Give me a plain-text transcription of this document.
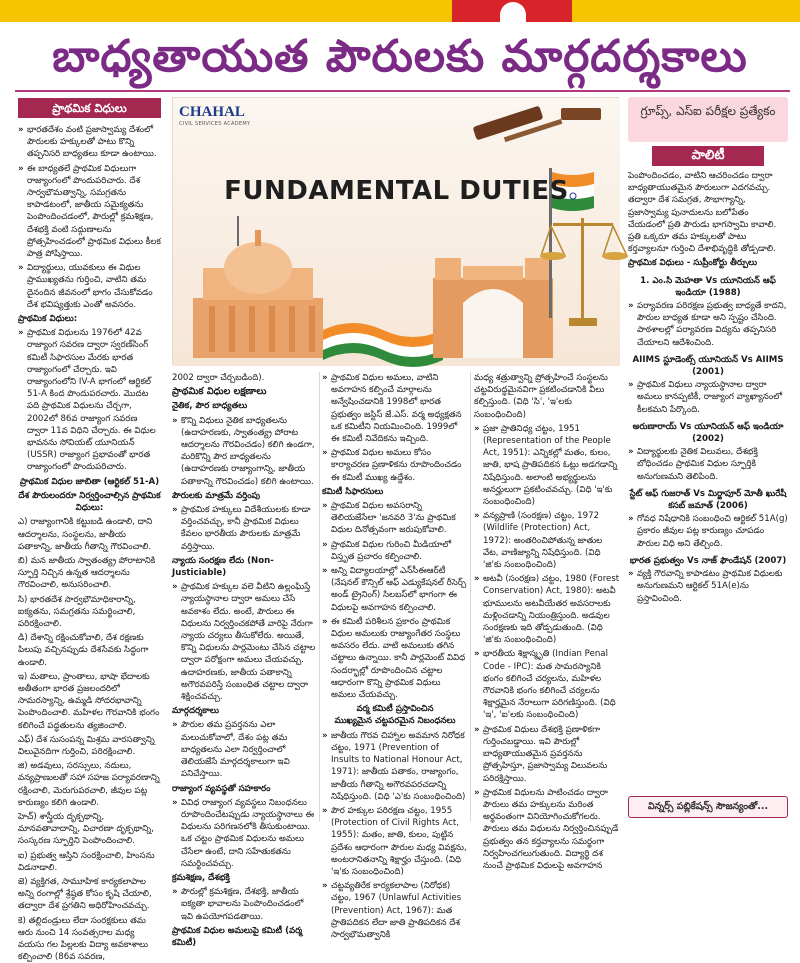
బాధ్యతాయుత పౌరులకు మార్గదర్శకాలు
ప్రాథమిక విధులు

» భారతదేశం వంటి ప్రజాస్వామ్య దేశంలో పౌరులకు హక్కులతో పాటు కొన్ని తప్పనిసరి బాధ్యతలు కూడా ఉంటాయి.

» ఈ బాధ్యతలే ప్రాథమిక విధులుగా రాజ్యాంగంలో పొందుపరిచారు. దేశ సార్వభౌమత్వాన్ని, సమగ్రతను కాపాడటంలో, జాతీయ సమైక్యతను పెంపొందించడంలో, పౌరుల్లో క్రమశిక్షణ, దేశభక్తి వంటి సద్గుణాలను ప్రోత్సహించడంలో ప్రాథమిక విధులు కీలక పాత్ర పోషిస్తాయి.

» విద్యార్థులు, యువకులు ఈ విధుల ప్రాముఖ్యతను గుర్తించి, వాటిని తమ దైనందిన జీవనంలో భాగం చేసుకోవడం దేశ భవిష్యత్తుకు ఎంతో అవసరం.

ప్రాథమిక విధులు:

» ప్రాథమిక విధులను 1976లో 42వ రాజ్యాంగ సవరణ ద్వారా స్వరణ్‌సింగ్ కమిటీ సిఫారసుల మేరకు భారత రాజ్యాంగంలో చేర్చారు. ఇవి రాజ్యాంగంలోని IV-A భాగంలో ఆర్టికల్ 51-A కింద పొందుపరచారు. మొదట పది ప్రాథమిక విధులను చేర్చగా, 2002లో 86వ రాజ్యాంగ సవరణ ద్వారా 11వ విధిని చేర్చారు. ఈ విధుల భావనను సోవియట్ యూనియన్ (USSR) రాజ్యాంగ ప్రభావంతో భారత రాజ్యాంగంలో పొందుపరిచారు.

ప్రాథమిక విధుల జాబితా (ఆర్టికల్ 51-A)
దేశ పౌరులందరూ నిర్వర్తించాల్సిన ప్రాథమిక విధులు:

ఎ) రాజ్యాంగానికి కట్టుబడి ఉండాలి, దాని ఆదర్శాలను, సంస్థలను, జాతీయ పతాకాన్ని, జాతీయ గీతాన్ని గౌరవించాలి.

బి) మన జాతీయ స్వాతంత్య్ర పోరాటానికి స్ఫూర్తి నిచ్చిన ఉన్నత ఆదర్శాలను గౌరవించాలి, అనుసరించాలి.

సి) భారతదేశ సార్వభౌమాధికారాన్ని, ఐక్యతను, సమగ్రతను సమర్థించాలి, పరిరక్షించాలి.

డి) దేశాన్ని రక్షించుకోవాలి, దేశ రక్షణకు పిలుపు వచ్చినప్పుడు దేశసేవకు సిద్ధంగా ఉండాలి.

ఇ) మతాలు, ప్రాంతాలు, భాషా భేదాలకు అతీతంగా భారత ప్రజలందరిలో సామరస్యాన్ని, ఉమ్మడి సోదరభావాన్ని పెంపొందించాలి. మహిళల గౌరవానికి భంగం కలిగించే పద్ధతులను త్యజించాలి.

ఎఫ్) దేశ సుసంపన్న మిశ్రమ వారసత్వాన్ని విలువైనదిగా గుర్తించి, పరిరక్షించాలి.

జి) అడవులు, సరస్సులు, నదులు, వన్యప్రాణులతో సహా సహజ పర్యావరణాన్ని రక్షించాలి, మెరుగుపరచాలి, జీవుల పట్ల కారుణ్యం కలిగి ఉండాలి.

హెచ్) శాస్త్రీయ దృక్పథాన్ని, మానవతావాదాన్ని, విచారణా దృక్పథాన్ని, సంస్కరణ స్ఫూర్తిని పెంపొందించాలి.

ఐ) ప్రభుత్వ ఆస్తిని సంరక్షించాలి, హింసను విడనాడాలి.

జె) వ్యక్తిగత, సామూహిక కార్యకలాపాల అన్ని రంగాల్లో శ్రేష్ఠత కోసం కృషి చేయాలి, తద్వారా దేశ ప్రగతిని అధిరోహించవచ్చు.

కె) తల్లిదండ్రులు లేదా సంరక్షకులు తమ ఆరు నుంచి 14 సంవత్సరాల మధ్య వయసు గల పిల్లలకు విద్యా అవకాశాలు కల్పించాలి (86వ సవరణ,

CHAHAL
CIVIL SERVICES ACADEMY
FUNDAMENTAL DUTIES

2002 ద్వారా చేర్చబడింది).

ప్రాథమిక విధుల లక్షణాలు
నైతిక, పౌర బాధ్యతలు

» కొన్ని విధులు నైతిక బాధ్యతలను (ఉదాహరణకు, స్వాతంత్య్ర పోరాట ఆదర్శాలను గౌరవించడం) కలిగి ఉండగా, మరికొన్ని పౌర బాధ్యతలను (ఉదాహరణకు రాజ్యాంగాన్ని, జాతీయ పతాకాన్ని గౌరవించడం) కలిగి ఉంటాయి.

పౌరులకు మాత్రమే వర్తింపు

» ప్రాథమిక హక్కులు విదేశీయులకు కూడా వర్తించవచ్చు, కానీ ప్రాథమిక విధులు కేవలం భారతీయ పౌరులకు మాత్రమే వర్తిస్తాయి.

న్యాయ సంరక్షణ లేదు (Non-Justiciable)

» ప్రాథమిక హక్కుల వలె వీటిని ఉల్లంఘిస్తే న్యాయస్థానాల ద్వారా అమలు చేసే అవకాశం లేదు. అంటే, పౌరులు ఈ విధులను నిర్వర్తించకపోతే వారిపై నేరుగా న్యాయ చర్యలు తీసుకోలేరు. అయితే, కొన్ని విధులను పార్లమెంటు చేసిన చట్టాల ద్వారా పరోక్షంగా అమలు చేయవచ్చు. ఉదాహరణకు, జాతీయ పతాకాన్ని అగౌరవపరిస్తే సంబంధిత చట్టాల ద్వారా శిక్షించవచ్చు.

మార్గదర్శకాలు

» పౌరుల తమ ప్రవర్తనను ఎలా మలుచుకోవాలో, దేశం పట్ల తమ బాధ్యతలను ఎలా నిర్వర్తించాలో తెలియజేసే మార్గదర్శకాలుగా ఇవి పనిచేస్తాయి.

రాజ్యాంగ వ్యవస్థతో సహకారం

» వివిధ రాజ్యాంగ వ్యవస్థలు నిబంధనలు రూపొందించేటప్పుడు న్యాయస్థానాలు ఈ విధులను పరిగణనలోకి తీసుకుంటాయి. ఒక చట్టం ప్రాథమిక విధులను అమలు చేసేలా ఉంటే, దాని సహేతుకతను సమర్థించవచ్చు.

క్రమశిక్షణ, దేశభక్తి

» పౌరుల్లో క్రమశిక్షణ, దేశభక్తి, జాతీయ ఐక్యతా భావాలను పెంపొందించడంలో ఇవి ఉపయోగపడతాయి.

ప్రాథమిక విధుల అమలుపై కమిటీ (వర్మ కమిటీ)

» ప్రాథమిక విధుల అమలు, వాటిని అవగాహన కల్పించే మార్గాలను అన్వేషించడానికి 1998లో భారత ప్రభుత్వం జస్టిస్ జే.ఎస్. వర్మ అధ్యక్షతన ఒక కమిటీని నియమించింది. 1999లో ఈ కమిటీ నివేదికను ఇచ్చింది.

» ప్రాథమిక విధుల అమలు కోసం కార్యాచరణ ప్రణాళికను రూపొందించడం ఈ కమిటీ ముఖ్య ఉద్దేశం.

కమిటీ సిఫారసులు

» ప్రాథమిక విధుల అవసరాన్ని తెలియజేసేలా 'జనవరి 3'ను ప్రాథమిక విధుల దినోత్సవంగా జరుపుకోవాలి.

» ప్రాథమిక విధుల గురించి మీడియాలో విస్తృత ప్రచారం కల్పించాలి.

» అన్ని విద్యాలయాల్లో ఎన్‌సీఈఆర్‌టీ (నేషనల్ కౌన్సిల్ ఆఫ్ ఎడ్యుకేషనల్ రీసెర్చ్ అండ్ ట్రైనింగ్) సిలబస్‌లో భాగంగా ఈ విధులపై అవగాహన కల్పించాలి.

» ఈ కమిటీ పరిశీలన ప్రకారం ప్రాథమిక విధుల అమలుకు రాజ్యాంగేతర సంస్థలు అవసరం లేదు. వాటి అమలుకు తగిన చట్టాలు ఉన్నాయి. కానీ పార్లమెంట్‌ వివిధ సందర్భాల్లో రూపొందించిన చట్టాల ఆధారంగా కొన్ని ప్రాథమిక విధులు అమలు చేయవచ్చు.

వర్మ కమిటీ ప్రస్తావించిన
ముఖ్యమైన చట్టపరమైన నిబంధనలు

» జాతీయ గౌరవ చిహ్నాల అవమాన నిరోధక చట్టం, 1971 (Prevention of Insults to National Honour Act, 1971): జాతీయ పతాకం, రాజ్యాంగం, జాతీయ గీతాన్ని అగౌరవపరచడాన్ని నిషేధిస్తుంది. (విధి 'ఎ'కు సంబంధించింది)

» పౌర హక్కుల పరిరక్షణ చట్టం, 1955 (Protection of Civil Rights Act, 1955): మతం, జాతి, కులం, పుట్టిన ప్రదేశం ఆధారంగా పౌరుల మధ్య వివక్షను, అంటరానితనాన్ని శిక్షార్హం చేస్తుంది. (విధి 'ఇ'కు సంబంధించింది)

» చట్టవ్యతిరేక కార్యకలాపాల (నిరోధక) చట్టం, 1967 (Unlawful Activities (Prevention) Act, 1967): మత ప్రాతిపదికన లేదా జాతి ప్రాతిపదికన దేశ సార్వభౌమత్వానికి

మధ్య శత్రుత్వాన్ని ప్రోత్సహించే సంస్థలను చట్టవిరుద్ధమైనవిగా ప్రకటించడానికి వీలు కల్పిస్తుంది. (విధి 'సి', 'ఇ'లకు సంబంధించింది)

» ప్రజా ప్రాతినిధ్య చట్టం, 1951 (Representation of the People Act, 1951): ఎన్నికల్లో మతం, కులం, జాతి, భాష ప్రాతిపదికన ఓట్లు అడగడాన్ని నిషేధిస్తుంది. అలాంటి అభ్యర్థులను అనర్హులుగా ప్రకటించవచ్చు. (విధి 'ఇ'కు సంబంధించింది)

» వన్యప్రాణి (సంరక్షణ) చట్టం, 1972 (Wildlife (Protection) Act, 1972): అంతరించిపోతున్న జాతుల వేట, వాణిజ్యాన్ని నిషేధిస్తుంది. (విధి 'జి'కు సంబంధించింది)

» అటవీ (సంరక్షణ) చట్టం, 1980 (Forest Conservation) Act, 1980): అటవీ భూములను అటవీయేతర అవసరాలకు మళ్లించడాన్ని నియంత్రిస్తుంది. అడవుల సంరక్షణకు ఇది తోడ్పడుతుంది. (విధి 'జి'కు సంబంధించింది)

» భారతీయ శిక్షాస్మృతి (Indian Penal Code - IPC): మత సామరస్యానికి భంగం కలిగించే చర్యలను, మహిళల గౌరవానికి భంగం కలిగించే చర్యలను శిక్షార్హమైన నేరాలుగా పరిగణిస్తుంది. (విధి 'ఇ', 'ఐ'లకు సంబంధించింది)

» ప్రాథమిక విధులు దేశభక్తి ప్రణాళికగా గుర్తించబడ్డాయి. ఇవి పౌరుల్లో బాధ్యతాయుతమైన ప్రవర్తనను ప్రోత్సహిస్తూ, ప్రజాస్వామ్య విలువలను పరిరక్షిస్తాయి.

» ప్రాథమిక విధులను పాటించడం ద్వారా పౌరులు తమ హక్కులను మరింత అర్థవంతంగా వినియోగించుకోగలరు. పౌరులు తమ విధులను నిర్వర్తించినప్పుడే ప్రభుత్వం తన కర్తవ్యాలను సమర్థంగా నిర్వహించగలుగుతుంది. విద్యార్థి దశ నుంచే ప్రాథమిక విధులపై అవగాహన

గ్రూప్స్, ఎస్‌ఐ పరీక్షల ప్రత్యేకం
పాలిటీ

పెంపొందించడం, వాటిని ఆచరించడం ద్వారా బాధ్యతాయుతమైన పౌరులుగా ఎదగవచ్చు. తద్వారా దేశ సమగ్రత, సౌభాగ్యాన్ని, ప్రజాస్వామ్య పునాదులను బలోపేతం చేయడంలో ప్రతి పౌరుడు భాగస్వామి కావాలి. ప్రతి ఒక్కరూ తమ హక్కులతో పాటు కర్తవ్యాలనూ గుర్తించి దేశాభివృద్ధికి తోడ్పడాలి.

ప్రాథమిక విధులు - సుప్రీంకోర్టు తీర్పులు
1. ఎం.సి మెహతా Vs యూనియన్ ఆఫ్ ఇండియా (1988)

» పర్యావరణ పరిరక్షణ ప్రభుత్వ బాధ్యతే కాదని, పౌరుల బాధ్యత కూడా అని స్పష్టం చేసింది. పాఠశాలల్లో పర్యావరణ విద్యను తప్పనిసరి చేయాలని ఆదేశించింది.

AIIMS స్టూడెంట్స్ యూనియన్ Vs AIIMS (2001)

» ప్రాథమిక విధులు న్యాయస్థానాల ద్వారా అమలు కానప్పటికీ, రాజ్యాంగ వ్యాఖ్యానంలో కీలకమని పేర్కొంది.

అరుణారాయ్ Vs యూనియన్ ఆఫ్ ఇండియా (2002)

» విద్యార్థులకు నైతిక విలువలు, దేశభక్తి బోధించడం ప్రాథమిక విధుల స్ఫూర్తికి అనుగుణమని తెలిపింది.

స్టేట్ ఆఫ్ గుజరాత్ Vs మిర్జాపూర్ మోతీ ఖురేషీ కసబ్ జమాత్ (2006)

» గోవధ నిషేధానికి సంబంధించి ఆర్టికల్ 51A(g) ప్రకారం జీవుల పట్ల కారుణ్యం చూపడం పౌరుల విధి అని తేల్చింది.

భారత ప్రభుత్వం Vs నాజ్ ఫౌండేషన్ (2007)

» వ్యక్తి గౌరవాన్ని కాపాడటం ప్రాథమిక విధులకు అనుగుణమని ఆర్టికల్ 51A(e)ను ప్రస్తావించింది.

విన్నర్స్ పబ్లికేషన్స్ సౌజన్యంతో...
